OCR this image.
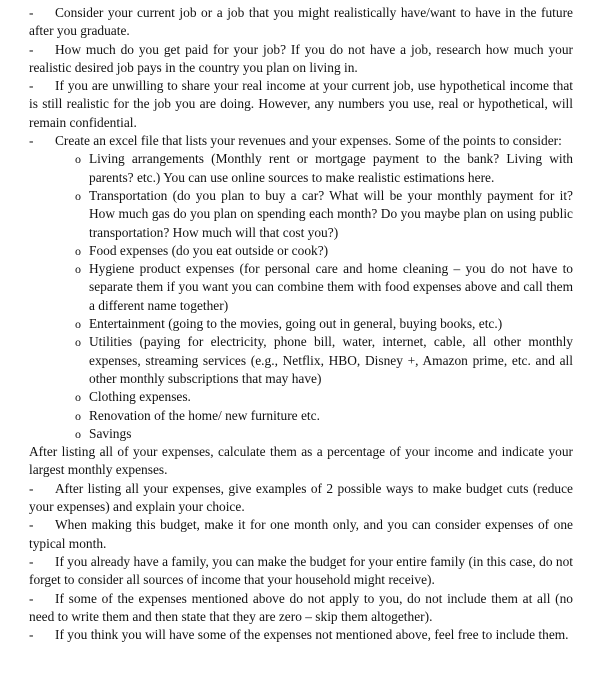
- Consider your current job or a job that you might realistically have/want to have in the future after you graduate.

- How much do you get paid for your job? If you do not have a job, research how much your realistic desired job pays in the country you plan on living in.

- If you are unwilling to share your real income at your current job, use hypothetical income that is still realistic for the job you are doing. However, any numbers you use, real or hypothetical, will remain confidential.

- Create an excel file that lists your revenues and your expenses. Some of the points to consider:

o Living arrangements (Monthly rent or mortgage payment to the bank? Living with parents? etc.) You can use online sources to make realistic estimations here.
o Transportation (do you plan to buy a car? What will be your monthly payment for it? How much gas do you plan on spending each month? Do you maybe plan on using public transportation? How much will that cost you?)
o Food expenses (do you eat outside or cook?)
o Hygiene product expenses (for personal care and home cleaning – you do not have to separate them if you want you can combine them with food expenses above and call them a different name together)
o Entertainment (going to the movies, going out in general, buying books, etc.)
o Utilities (paying for electricity, phone bill, water, internet, cable, all other monthly expenses, streaming services (e.g., Netflix, HBO, Disney +, Amazon prime, etc. and all other monthly subscriptions that may have)
o Clothing expenses.
o Renovation of the home/ new furniture etc.
o Savings

After listing all of your expenses, calculate them as a percentage of your income and indicate your largest monthly expenses.

- After listing all your expenses, give examples of 2 possible ways to make budget cuts (reduce your expenses) and explain your choice.

- When making this budget, make it for one month only, and you can consider expenses of one typical month.

- If you already have a family, you can make the budget for your entire family (in this case, do not forget to consider all sources of income that your household might receive).

- If some of the expenses mentioned above do not apply to you, do not include them at all (no need to write them and then state that they are zero – skip them altogether).

- If you think you will have some of the expenses not mentioned above, feel free to include them.
